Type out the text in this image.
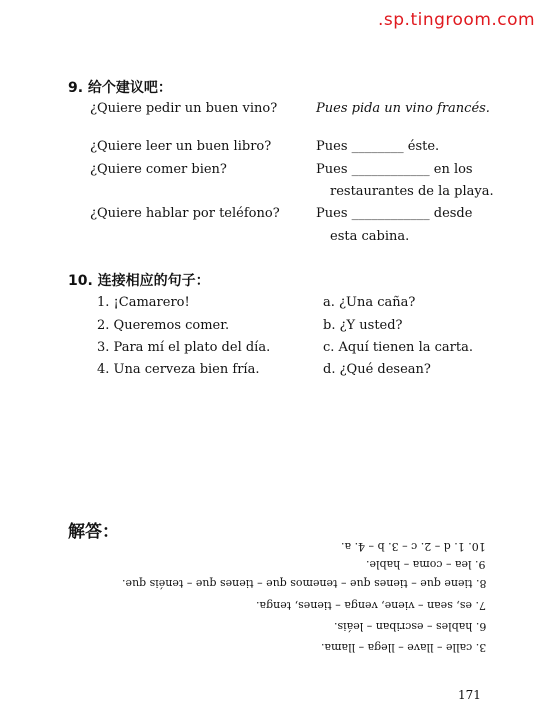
.sp.tingroom.com
9. 给个建议吧：
¿Quiere pedir un buen vino?	Pues pida un vino francés.
¿Quiere leer un buen libro?	Pues ________ éste.
¿Quiere comer bien?	Pues ____________ en los
restaurantes de la playa.
¿Quiere hablar por teléfono?	Pues ____________ desde
esta cabina.
10. 连接相应的句子：
1. ¡Camarero!	a. ¿Una caña?
2. Queremos comer.	b. ¿Y usted?
3. Para mí el plato del día.	c. Aquí tienen la carta.
4. Una cerveza bien fría.	d. ¿Qué desean?
解答：
10. 1. d – 2. c – 3. b – 4. a.
9. lea – coma – hable.
8. tiene que – tienes que – tenemos que – tienes que – tenéis que.
7. es, sean – viene, venga – tienes, tenga.
6. hables – escriban – leáis.
3. calle – llave – llega – llama.
171
